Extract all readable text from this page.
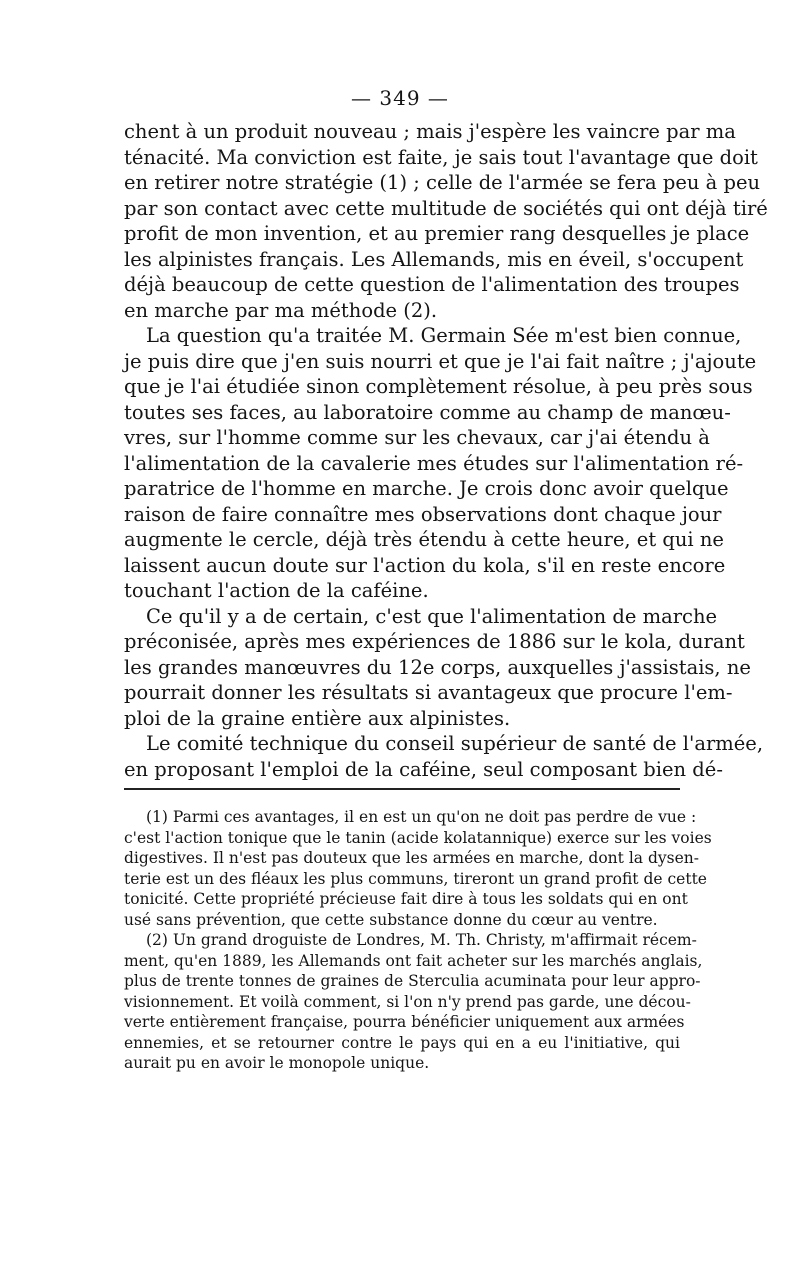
— 349 —
chent à un produit nouveau ; mais j'espère les vaincre par ma
ténacité. Ma conviction est faite, je sais tout l'avantage que doit
en retirer notre stratégie (1) ; celle de l'armée se fera peu à peu
par son contact avec cette multitude de sociétés qui ont déjà tiré
profit de mon invention, et au premier rang desquelles je place
les alpinistes français. Les Allemands, mis en éveil, s'occupent
déjà beaucoup de cette question de l'alimentation des troupes
en marche par ma méthode (2).
La question qu'a traitée M. Germain Sée m'est bien connue,
je puis dire que j'en suis nourri et que je l'ai fait naître ; j'ajoute
que je l'ai étudiée sinon complètement résolue, à peu près sous
toutes ses faces, au laboratoire comme au champ de manœu-
vres, sur l'homme comme sur les chevaux, car j'ai étendu à
l'alimentation de la cavalerie mes études sur l'alimentation ré-
paratrice de l'homme en marche. Je crois donc avoir quelque
raison de faire connaître mes observations dont chaque jour
augmente le cercle, déjà très étendu à cette heure, et qui ne
laissent aucun doute sur l'action du kola, s'il en reste encore
touchant l'action de la caféine.
Ce qu'il y a de certain, c'est que l'alimentation de marche
préconisée, après mes expériences de 1886 sur le kola, durant
les grandes manœuvres du 12e corps, auxquelles j'assistais, ne
pourrait donner les résultats si avantageux que procure l'em-
ploi de la graine entière aux alpinistes.
Le comité technique du conseil supérieur de santé de l'armée,
en proposant l'emploi de la caféine, seul composant bien dé-
(1) Parmi ces avantages, il en est un qu'on ne doit pas perdre de vue :
c'est l'action tonique que le tanin (acide kolatannique) exerce sur les voies
digestives. Il n'est pas douteux que les armées en marche, dont la dysen-
terie est un des fléaux les plus communs, tireront un grand profit de cette
tonicité. Cette propriété précieuse fait dire à tous les soldats qui en ont
usé sans prévention, que cette substance donne du cœur au ventre.
(2) Un grand droguiste de Londres, M. Th. Christy, m'affirmait récem-
ment, qu'en 1889, les Allemands ont fait acheter sur les marchés anglais,
plus de trente tonnes de graines de Sterculia acuminata pour leur appro-
visionnement. Et voilà comment, si l'on n'y prend pas garde, une décou-
verte entièrement française, pourra bénéficier uniquement aux armées
ennemies, et se retourner contre le pays qui en a eu l'initiative, qui
aurait pu en avoir le monopole unique.
